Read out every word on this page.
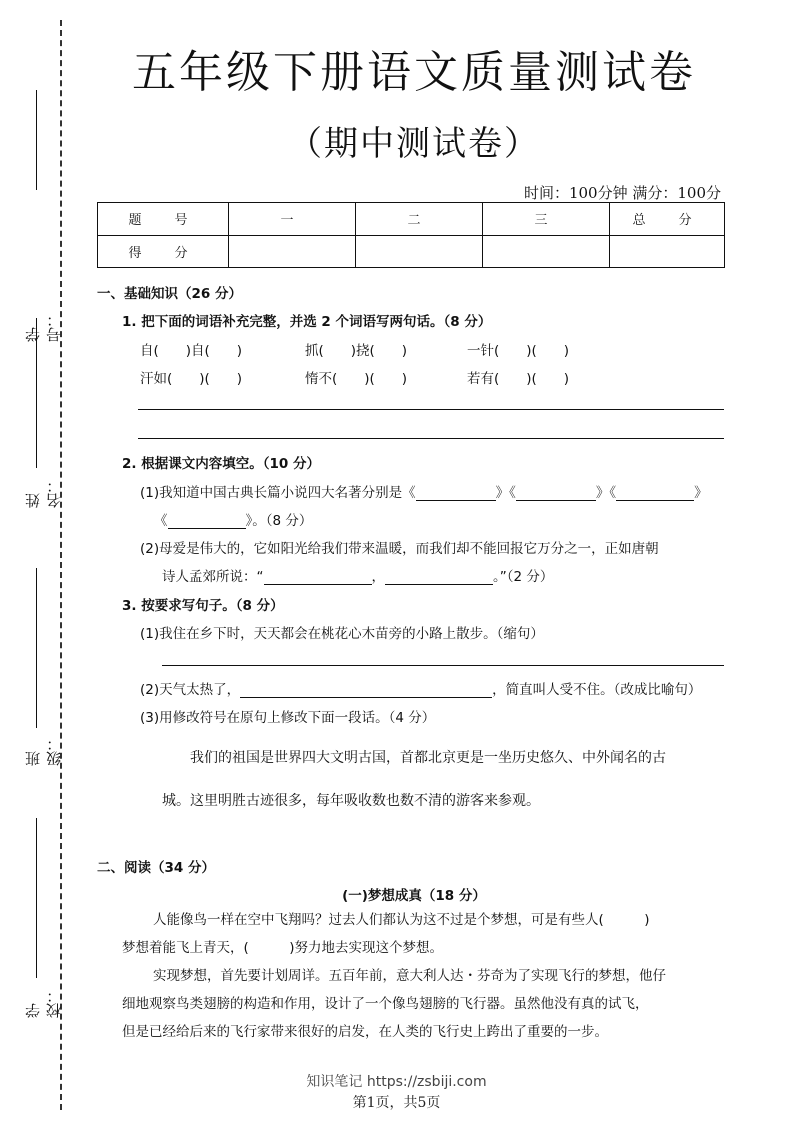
学号：
姓名：
班级：
学校：
五年级下册语文质量测试卷
（期中测试卷）
时间：100分钟 满分：100分
题　号	一	二	三	总　分
得　分				
一、基础知识（26 分）
1. 把下面的词语补充完整，并选 2 个词语写两句话。（8 分）
自(　　)自(　　)	抓(　　)挠(　　)	一针(　　)(　　)
汗如(　　)(　　)	惰不(　　)(　　)	若有(　　)(　　)
2. 根据课文内容填空。（10 分）
(1)我知道中国古典长篇小说四大名著分别是《	》《	》《	》
《	》。（8 分）
(2)母爱是伟大的，它如阳光给我们带来温暖，而我们却不能回报它万分之一，正如唐朝
诗人孟郊所说：“	，	。”（2 分）
3. 按要求写句子。（8 分）
(1)我住在乡下时，天天都会在桃花心木苗旁的小路上散步。（缩句）
(2)天气太热了，	，简直叫人受不住。（改成比喻句）
(3)用修改符号在原句上修改下面一段话。（4 分）
我们的祖国是世界四大文明古国，首都北京更是一坐历史悠久、中外闻名的古
城。这里明胜古迹很多，每年吸收数也数不清的游客来参观。
二、阅读（34 分）
(一)梦想成真（18 分）
人能像鸟一样在空中飞翔吗？过去人们都认为这不过是个梦想，可是有些人(　　　)
梦想着能飞上青天，(　　　)努力地去实现这个梦想。
实现梦想，首先要计划周详。五百年前，意大利人达・芬奇为了实现飞行的梦想，他仔
细地观察鸟类翅膀的构造和作用，设计了一个像鸟翅膀的飞行器。虽然他没有真的试飞，
但是已经给后来的飞行家带来很好的启发，在人类的飞行史上跨出了重要的一步。
知识笔记 https://zsbiji.com
第1页，共5页
